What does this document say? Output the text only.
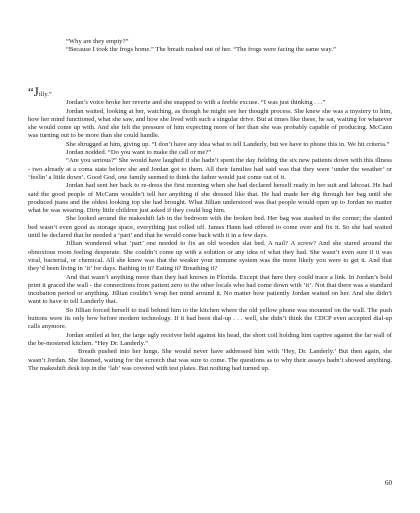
“Why are they empty?”

“Because I took the frogs home.” The breath rushed out of her. “The frogs were facing the same way.”

“Jilly.”

Jordan’s voice broke her reverie and she snapped to with a feeble excuse. “I was just thinking . . .”

Jordan waited, looking at her, watching, as though he might see her thought process. She knew she was a mystery to him, how her mind functioned, what she saw, and how she lived with such a singular drive. But at times like these, he sat, waiting for whatever she would come up with. And she felt the pressure of him expecting more of her than she was probably capable of producing. McCann was turning out to be more than she could handle.

She shrugged at him, giving up. “I don’t have any idea what to tell Landerly, but we have to phone this in. We hit criteria.”

Jordan nodded. “Do you want to make the call or me?”

“Are you serious?” She would have laughed if she hadn’t spent the day fielding the six new patients down with this illness - two already at a coma state before she and Jordan got to them. All their families had said was that they were ‘under the weather’ or ‘feelin’ a little down’. Good God, one family seemed to think the father would just come out of it.

Jordan had sent her back to re-dress the first morning when she had declared herself ready in her suit and labcoat. He had said the good people of McCann wouldn’t tell her anything if she dressed like that. He had made her dig through her bag until she produced jeans and the oldest looking top she had brought. What Jillian understood was that people would open up to Jordan no matter what he was wearing. Dirty little children just asked if they could hug him.

She looked around the makeshift lab in the bedroom with the broken bed. Her bag was stashed in the corner; the slanted bed wasn’t even good as storage space, everything just rolled off. James Hann had offered to come over and fix it. So she had waited until he declared that he needed a ‘part’ and that he would come back with it in a few days.

Jillian wondered what ‘part’ one needed to fix an old wooden slat bed. A nail? A screw? And she stared around the obnoxious room feeling desperate. She couldn’t come up with a solution or any idea of what they had. She wasn’t even sure if it was viral, bacterial, or chemical. All she knew was that the weaker your immune system was the more likely you were to get it. And that they’d been living in ‘it’ for days. Bathing in it? Eating it? Breathing it?

And that wasn’t anything more than they had known in Florida. Except that here they could trace a link. In Jordan’s bold print it graced the wall - the connections from patient zero to the other locals who had come down with ‘it’. Not that there was a standard incubation period or anything. Jillian couldn’t wrap her mind around it. No matter how patiently Jordan waited on her. And she didn’t want to have to tell Landerly that.

So Jillian forced herself to trail behind him to the kitchen where the old yellow phone was mounted on the wall. The push buttons were its only bow before modern technology. If it had been dial-up . . . well, she didn’t think the CDCP even accepted dial-up calls anymore.

Jordan smiled at her, the large ugly receiver held against his head, the short coil holding him captive against the far wall of the be-mostered kitchen. “Hey Dr. Landerly.”

Breath pushed into her lungs. She would never have addressed him with ‘Hey, Dr. Landerly.’ But then again, she wasn’t Jordan. She listened, waiting for the screech that was sure to come. The questions as to why their assays hadn’t showed anything. The makeshift desk top in the ‘lab’ was covered with test plates. But nothing had turned up.

60
